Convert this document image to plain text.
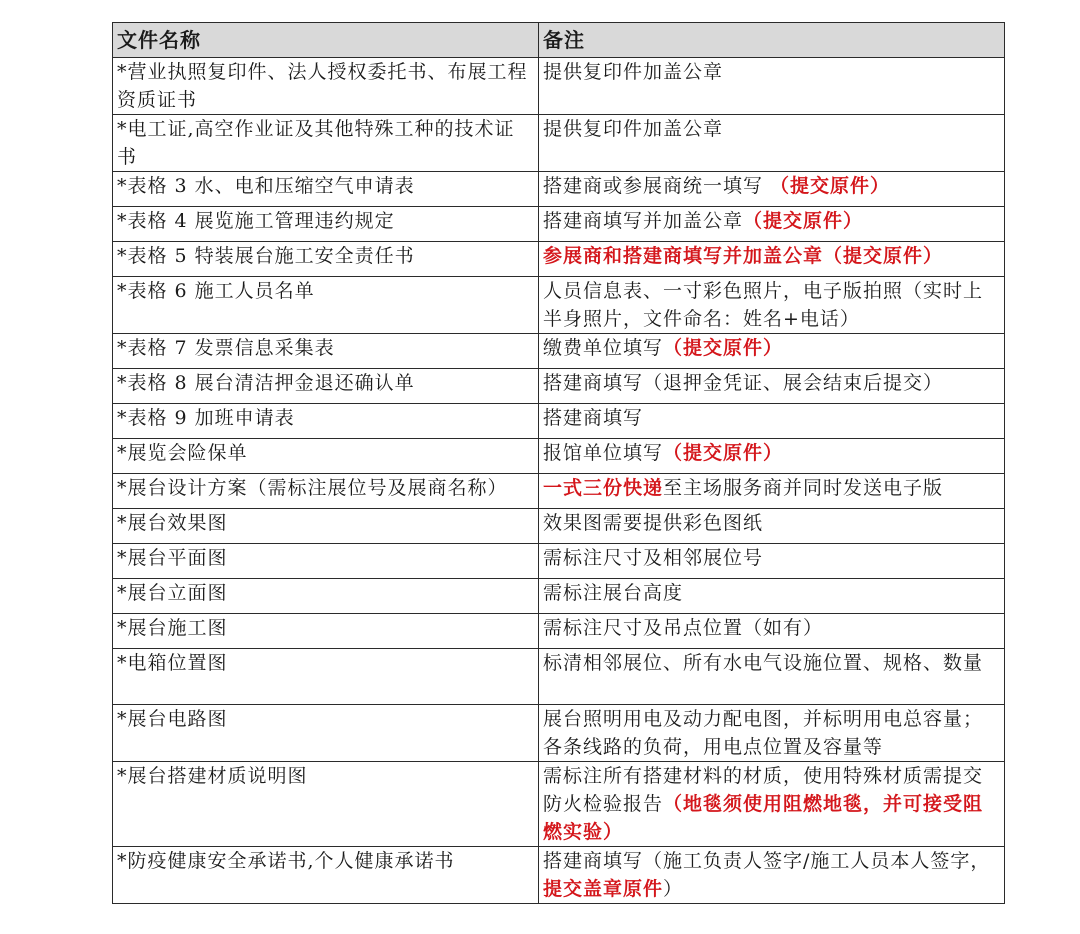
文件名称	备注
*营业执照复印件、法人授权委托书、布展工程资质证书	提供复印件加盖公章
*电工证,高空作业证及其他特殊工种的技术证书	提供复印件加盖公章
*表格 3 水、电和压缩空气申请表	搭建商或参展商统一填写 （提交原件）
*表格 4 展览施工管理违约规定	搭建商填写并加盖公章（提交原件）
*表格 5 特装展台施工安全责任书	参展商和搭建商填写并加盖公章（提交原件）
*表格 6 施工人员名单	人员信息表、一寸彩色照片，电子版拍照（实时上半身照片，文件命名：姓名+电话）
*表格 7 发票信息采集表	缴费单位填写（提交原件）
*表格 8 展台清洁押金退还确认单	搭建商填写（退押金凭证、展会结束后提交）
*表格 9 加班申请表	搭建商填写
*展览会险保单	报馆单位填写（提交原件）
*展台设计方案（需标注展位号及展商名称）	一式三份快递至主场服务商并同时发送电子版
*展台效果图	效果图需要提供彩色图纸
*展台平面图	需标注尺寸及相邻展位号
*展台立面图	需标注展台高度
*展台施工图	需标注尺寸及吊点位置（如有）
*电箱位置图	标清相邻展位、所有水电气设施位置、规格、数量
*展台电路图	展台照明用电及动力配电图，并标明用电总容量；各条线路的负荷，用电点位置及容量等
*展台搭建材质说明图	需标注所有搭建材料的材质，使用特殊材质需提交防火检验报告（地毯须使用阻燃地毯，并可接受阻燃实验）
*防疫健康安全承诺书,个人健康承诺书	搭建商填写（施工负责人签字/施工人员本人签字，提交盖章原件）
